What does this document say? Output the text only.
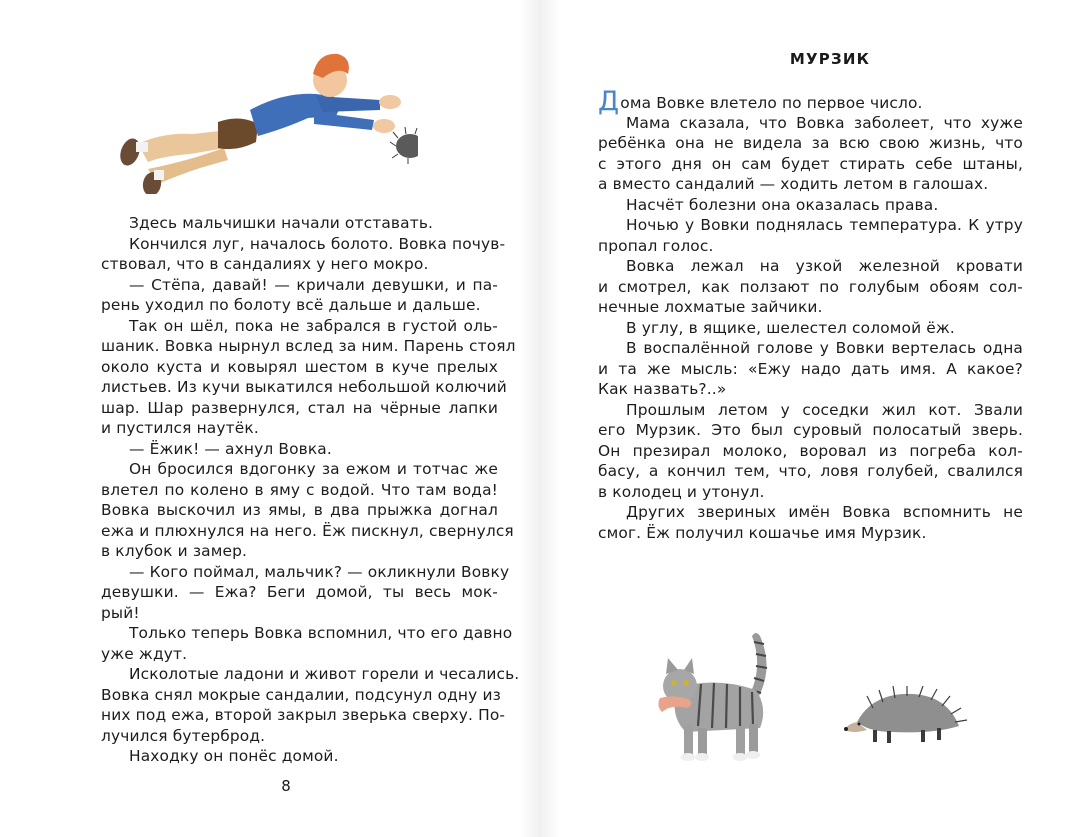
Здесь мальчишки начали отставать.
Кончился луг, началось болото. Вовка почув-
ствовал, что в сандалиях у него мокро.
— Стёпа, давай! — кричали девушки, и па-
рень уходил по болоту всё дальше и дальше.
Так он шёл, пока не забрался в густой оль-
шаник. Вовка нырнул вслед за ним. Парень стоял
около куста и ковырял шестом в куче прелых
листьев. Из кучи выкатился небольшой колючий
шар. Шар развернулся, стал на чёрные лапки
и пустился наутёк.
— Ёжик! — ахнул Вовка.
Он бросился вдогонку за ежом и тотчас же
влетел по колено в яму с водой. Что там вода!
Вовка выскочил из ямы, в два прыжка догнал
ежа и плюхнулся на него. Ёж пискнул, свернулся
в клубок и замер.
— Кого поймал, мальчик? — окликнули Вовку
девушки. — Ежа? Беги домой, ты весь мок-
рый!
Только теперь Вовка вспомнил, что его давно
уже ждут.
Исколотые ладони и живот горели и чесались.
Вовка снял мокрые сандалии, подсунул одну из
них под ежа, второй закрыл зверька сверху. По-
лучился бутерброд.
Находку он понёс домой.
8
МУРЗИК
Дома Вовке влетело по первое число.
Мама сказала, что Вовка заболеет, что хуже
ребёнка она не видела за всю свою жизнь, что
с этого дня он сам будет стирать себе штаны,
а вместо сандалий — ходить летом в галошах.
Насчёт болезни она оказалась права.
Ночью у Вовки поднялась температура. К утру
пропал голос.
Вовка лежал на узкой железной кровати
и смотрел, как ползают по голубым обоям сол-
нечные лохматые зайчики.
В углу, в ящике, шелестел соломой ёж.
В воспалённой голове у Вовки вертелась одна
и та же мысль: «Ежу надо дать имя. А какое?
Как назвать?..»
Прошлым летом у соседки жил кот. Звали
его Мурзик. Это был суровый полосатый зверь.
Он презирал молоко, воровал из погреба кол-
басу, а кончил тем, что, ловя голубей, свалился
в колодец и утонул.
Других звериных имён Вовка вспомнить не
смог. Ёж получил кошачье имя Мурзик.
